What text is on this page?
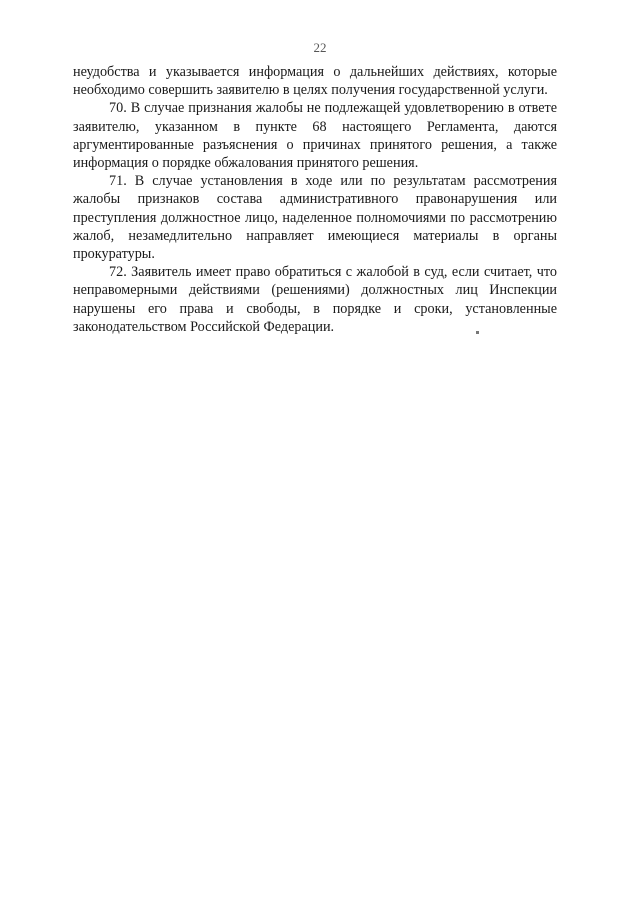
22

неудобства и указывается информация о дальнейших действиях, которые необходимо совершить заявителю в целях получения государственной услуги.

70. В случае признания жалобы не подлежащей удовлетворению в ответе заявителю, указанном в пункте 68 настоящего Регламента, даются аргументированные разъяснения о причинах принятого решения, а также информация о порядке обжалования принятого решения.

71. В случае установления в ходе или по результатам рассмотрения жалобы признаков состава административного правонарушения или преступления должностное лицо, наделенное полномочиями по рассмотрению жалоб, незамедлительно направляет имеющиеся материалы в органы прокуратуры.

72. Заявитель имеет право обратиться с жалобой в суд, если считает, что неправомерными действиями (решениями) должностных лиц Инспекции нарушены его права и свободы, в порядке и сроки, установленные законодательством Российской Федерации.
